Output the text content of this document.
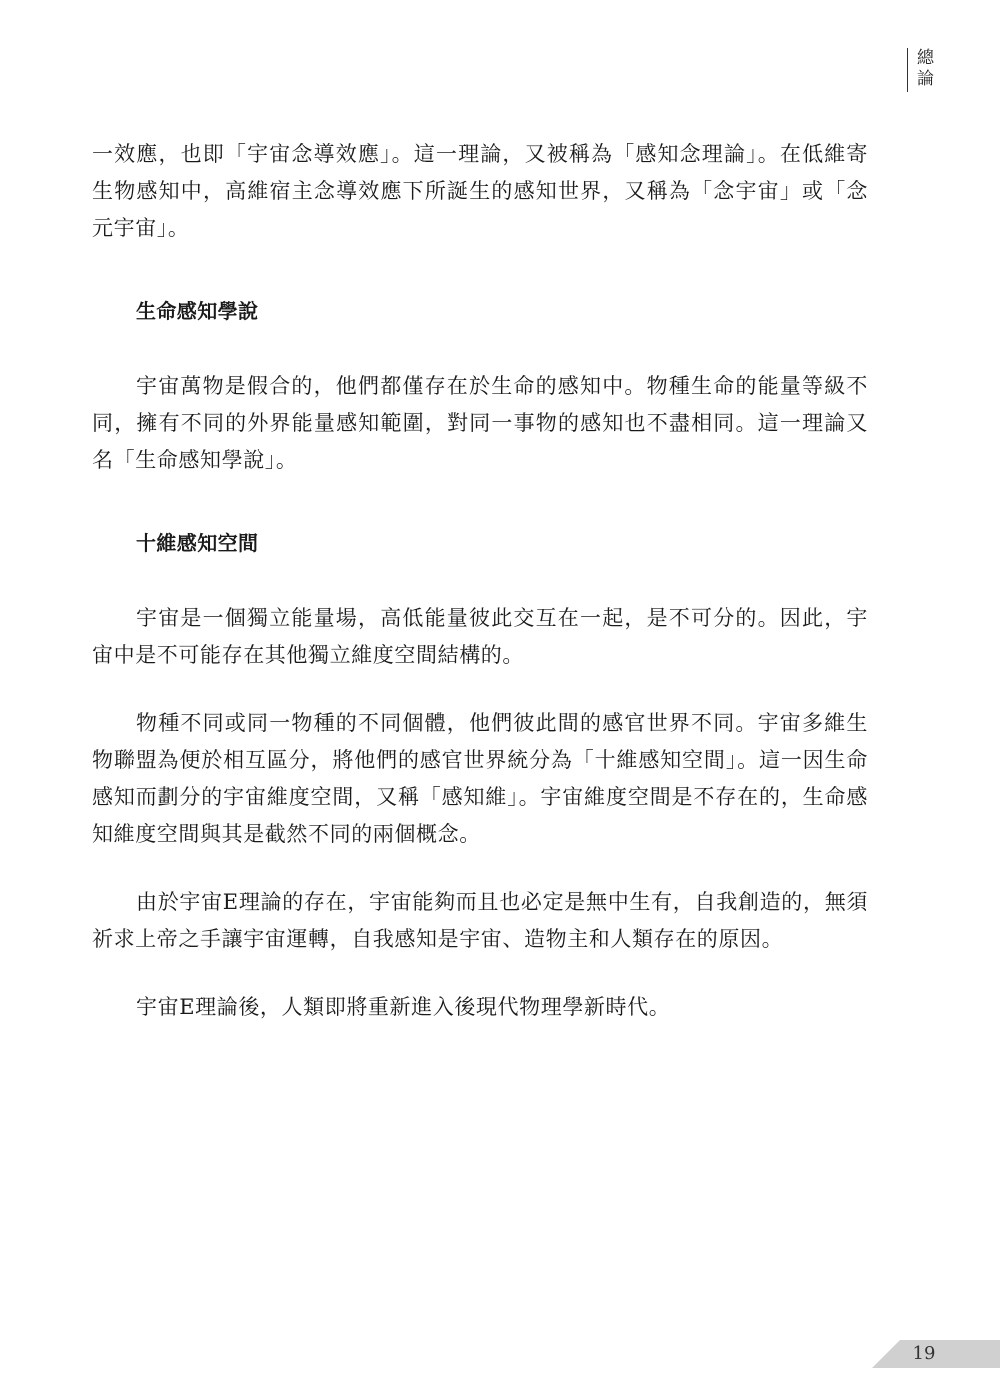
總論

一效應，也即「宇宙念導效應」。這一理論，又被稱為「感知念理論」。在低維寄生物感知中，高維宿主念導效應下所誕生的感知世界，又稱為「念宇宙」或「念元宇宙」。

生命感知學說

宇宙萬物是假合的，他們都僅存在於生命的感知中。物種生命的能量等級不同，擁有不同的外界能量感知範圍，對同一事物的感知也不盡相同。這一理論又名「生命感知學說」。

十維感知空間

宇宙是一個獨立能量場，高低能量彼此交互在一起，是不可分的。因此，宇宙中是不可能存在其他獨立維度空間結構的。

物種不同或同一物種的不同個體，他們彼此間的感官世界不同。宇宙多維生物聯盟為便於相互區分，將他們的感官世界統分為「十維感知空間」。這一因生命感知而劃分的宇宙維度空間，又稱「感知維」。宇宙維度空間是不存在的，生命感知維度空間與其是截然不同的兩個概念。

由於宇宙E理論的存在，宇宙能夠而且也必定是無中生有，自我創造的，無須祈求上帝之手讓宇宙運轉，自我感知是宇宙、造物主和人類存在的原因。

宇宙E理論後，人類即將重新進入後現代物理學新時代。

19
